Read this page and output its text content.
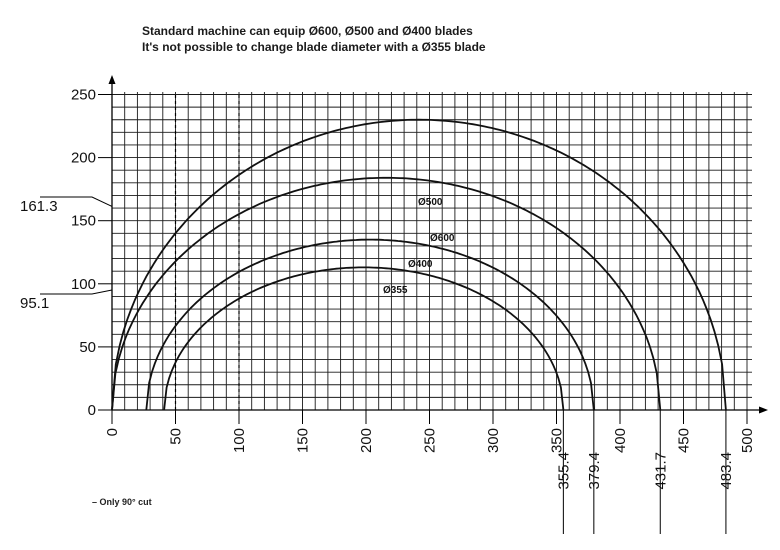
Standard machine can equip Ø600, Ø500 and Ø400 blades
It's not possible to change blade diameter with a Ø355 blade
0
50
100
150
200
250
0	50	100	150	200	250	300	350	400	450	500
Ø600
Ø500
Ø400
Ø355
161.3
95.1
355.4 379.4	431.7	483.4
– Only 90° cut
